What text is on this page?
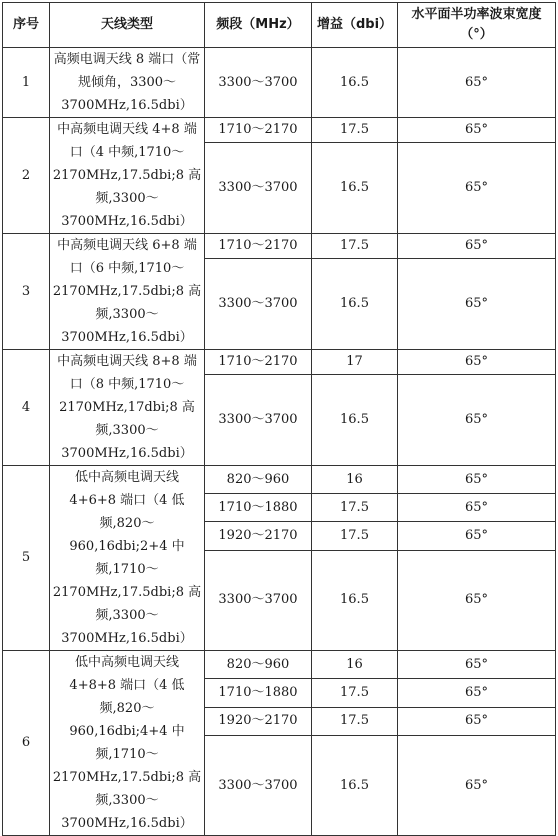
序号	天线类型	频段（MHz）	增益（dbi）	水平面半功率波束宽度（°）
1	高频电调天线 8 端口（常规倾角，3300～3700MHz,16.5dbi）	3300～3700	16.5	65°
2	中高频电调天线 4+8 端口（4 中频,1710～2170MHz,17.5dbi;8 高频,3300～3700MHz,16.5dbi）	1710～2170	17.5	65°
		3300～3700	16.5	65°
3	中高频电调天线 6+8 端口（6 中频,1710～2170MHz,17.5dbi;8 高频,3300～3700MHz,16.5dbi）	1710～2170	17.5	65°
		3300～3700	16.5	65°
4	中高频电调天线 8+8 端口（8 中频,1710～2170MHz,17dbi;8 高频,3300～3700MHz,16.5dbi）	1710～2170	17	65°
		3300～3700	16.5	65°
5	低中高频电调天线 4+6+8 端口（4 低频,820～960,16dbi;2+4 中频,1710～2170MHz,17.5dbi;8 高频,3300～3700MHz,16.5dbi）	820～960	16	65°
		1710～1880	17.5	65°
		1920～2170	17.5	65°
		3300～3700	16.5	65°
6	低中高频电调天线 4+8+8 端口（4 低频,820～960,16dbi;4+4 中频,1710～2170MHz,17.5dbi;8 高频,3300～3700MHz,16.5dbi）	820～960	16	65°
		1710～1880	17.5	65°
		1920～2170	17.5	65°
		3300～3700	16.5	65°
